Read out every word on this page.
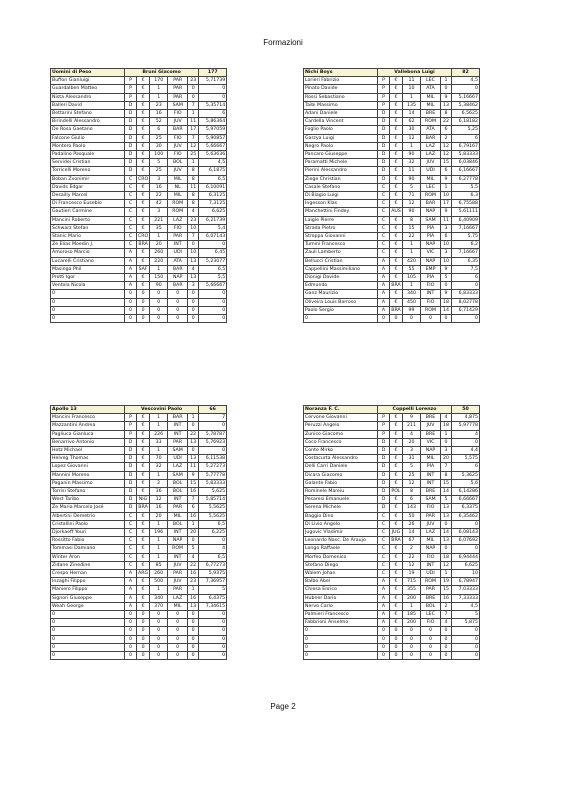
Formazioni
Uomini di Peso	Bruni Giacomo					177
Buffon Gianluigi	P	€	170	PAR	23	5,71739
Guardalben Matteo	P	€	1	PAR	0	0
Nista Alessandro	P	€	1	PAR	0	0
Balleri David	D	€	23	SAM	7	5,35714
Bettarini Stefano	D	€	16	FIO	1	6
Birindelli Alessandro	D	€	52	JUV	11	5,86364
De Rosa Gaetano	D	€	6	BAR	17	5,97059
Falcone Giulio	D	€	25	FIO	7	5,90857
Montero Paolo	D	€	30	JUV	12	5,66667
Padalino Pasquale	D	€	100	FIO	25	5,63636
Servidei Cristian	D	€	5	BOL	1	4,5
Torricelli Moreno	D	€	25	JUV	8	6,1875
Boban Zvonimir	C	CRO	3	MIL	8	6,5
Davids Edgar	C	€	16	NL	11	6,10091
Desailly Marcel	C	€	22	MIL	8	6,3125
Di Francesco Eusebio	C	€	42	ROM	8	7,3125
Gautieri Carmine	C	€	3	ROM	4	6,625
Mancini Roberto	C	€	221	LAZ	23	6,21739
Schwarz Stefan	C	€	35	FIO	10	5,4
Stanic Mario	C	CRO	1	PAR	7	6,07143
Ze Elias Moedin J.	C	BRA	20	INT	0	0
Amoroso Marcio	A	€	260	UDI	10	6,45
Lucarelli Cristiano	A	€	220	ATA	13	5,23077
Masinga Phil	A	SAF	1	BAR	4	6,5
Protti Igor	A	€	150	NAP	13	5,5
Ventola Nicola	A	€	90	BAR	3	5,66667
0	0	0	0	0	0	0
0	0	0	0	0	0	0
0	0	0	0	0	0	0
0	0	0	0	0	0	0
Nichi Boys	Vallebona Luigi					82
Lorieri Fabrizio	P	€	11	LEC	1	4,5
Pinato Davide	P	€	10	ATA	0	0
Rossi Sebastiano	P	€	1	MIL	9	5,16667
Taibi Massimo	P	€	135	MIL	13	5,38462
Adani Daniele	D	€	14	BRE	8	6,5625
Cardella Vincent	D	€	62	ROM	22	6,18182
Foglio Paolo	D	€	30	ATA	6	5,25
Garzya Luigi	D	€	12	BAR	2	6
Negro Paolo	D	€	1	LAZ	12	6,79167
Pancaro Giuseppe	D	€	90	LAZ	12	5,83333
Paramatti Michele	D	€	32	JUV	15	6,03846
Pierini Alessandro	D	€	11	UDI	6	6,16667
Ziege Christian	D	€	90	MIL	9	6,27778
Casale Stefano	C	€	5	LEC	1	5,5
Di Biagio Luigi	C	€	71	ROM	10	6,3
Ingesson Klas	C	€	12	BAR	17	6,75588
Manchettini Findey	C	AUS	90	NAP	9	5,61111
Laigle Pierre	C	€	8	SAM	11	6,40909
Strada Pietro	C	€	15	PIA	3	7,16667
Stroppa Giovanni	C	€	22	PIA	6	5,75
Tumini Francesco	C	€	1	NAP	10	6,2
Zauli Lamberto	C	€	1	VIC	3	7,16667
Bellucci Cristian	A	€	420	NAP	10	6,35
Cappellini Massimiliano	A	€	55	EMP	9	7,5
Dionigi Davide	A	€	105	PIA	5	6
Edmundo	A	BRA	1	FIO	0	0
Ganz Maurizio	A	€	340	INT	9	6,83333
Oliveira Louis Barroso	A	€	450	FIO	18	8,02778
Paolo Sergio	A	BRA	99	ROM	14	6,71429
0	0	0	0	0	0	0
Apollo 13	Vescovini Paolo					66
Mancini Francesco	P	€	1	BAR	1	7
Mazzantini Andrea	P	€	1	INT	0	0
Pagliuca Gianluca	P	€	226	INT	22	5,78787
Benarrivo Antonio	D	€	33	PAR	13	5,76923
Hotz Michael	D	€	1	SAM	0	0
Helveg Thomas	D	€	70	UDI	13	6,11538
Lopez Giovanni	D	€	32	LAZ	11	5,27273
Mannini Moreno	D	€	1	SAM	9	5,77778
Paganin Massimo	D	€	2	BOL	15	5,83333
Torrisi Stefano	D	€	36	BOL	16	5,625
West Taribo	D	NIG	12	INT	7	5,85714
Ze Maria Marcelo José	D	BRA	16	PAR	6	5,5625
Albertini Demetrio	C	€	20	MIL	16	5,5625
Cristallini Paolo	C	€	1	BOL	1	6,5
Djorkaeff Youri	C	€	196	INT	20	6,225
Rossitto Fabio	C	€	1	NAP	0	0
Tommasi Damiano	C	€	1	ROM	5	4
Winter Aron	C	€	1	INT	4	6,5
Zidane Zinedine	C	€	85	JUV	22	6,77273
Crespo Hernan	A	ARG	260	PAR	16	5,9375
Inzaghi Filippo	A	€	500	JUV	23	7,36957
Maniero Filippo	A	€	1	PAR	1	5
Signori Giuseppe	A	€	340	LAZ	16	6,4375
Weah George	A	€	370	MIL	13	7,34615
0	0	0	0	0	0	0
0	0	0	0	0	0	0
0	0	0	0	0	0	0
0	0	0	0	0	0	0
0	0	0	0	0	0	0
0	0	0	0	0	0	0
Noranza F. C.	Coppelli Lorenzo					50
Cervone Giovanni	P	€	9	BRE	4	4,875
Peruzzi Angelo	P	€	211	JUV	18	5,97778
Zunico Giacomo	P	€	4	BRE	1	4
Coco Francesco	D	€	20	VIC	0	0
Conte Mirko	D	€	3	NAP	3	4,4
Costacurta Alessandro	D	€	31	MIL	20	5,575
Delli Carri Daniele	D	€	5	PIA	7	6
Dicara Giacomo	D	€	25	INT	8	5,3625
Galante Fabio	D	€	12	INT	15	5,6
Rominele Mareiu	D	POL	8	BRE	14	6,14286
Pesaresi Emanuele	D	€	6	SAM	5	6,66667
Serena Michele	D	€	143	FIO	13	6,3375
Baggio Dino	C	€	50	PAR	13	6,35462
Di Livio Angelo	C	€	26	JUV	0	0
Jugovic Vladimir	C	JUG	14	LAZ	14	6,08143
Leonardo Nasc. De Araujo	C	BRA	67	MIL	13	6,07692
Longo Raffaele	C	€	2	NAP	0	0
Morfeo Domenico	C	€	22	FIO	18	6,94444
Stefano Diego	C	€	12	INT	12	6,625
Walem Johan	C	€	19	UDI	1	10
Balbo Abel	A	€	715	ROM	19	6,78947
Chiesa Enrico	A	€	355	PAR	15	7,03333
Hubner Dario	A	€	200	BRE	16	7,33333
Nervo Carlo	A	€	1	BOL	2	4,5
Palmieri Francesco	A	€	185	LEC	7	5
Fabbrioni Anselmo	A	€	200	FIO	4	5,875
0	0	0	0	0	0	0
0	0	0	0	0	0	0
0	0	0	0	0	0	0
0	0	0	0	0	0	0
Page 2
